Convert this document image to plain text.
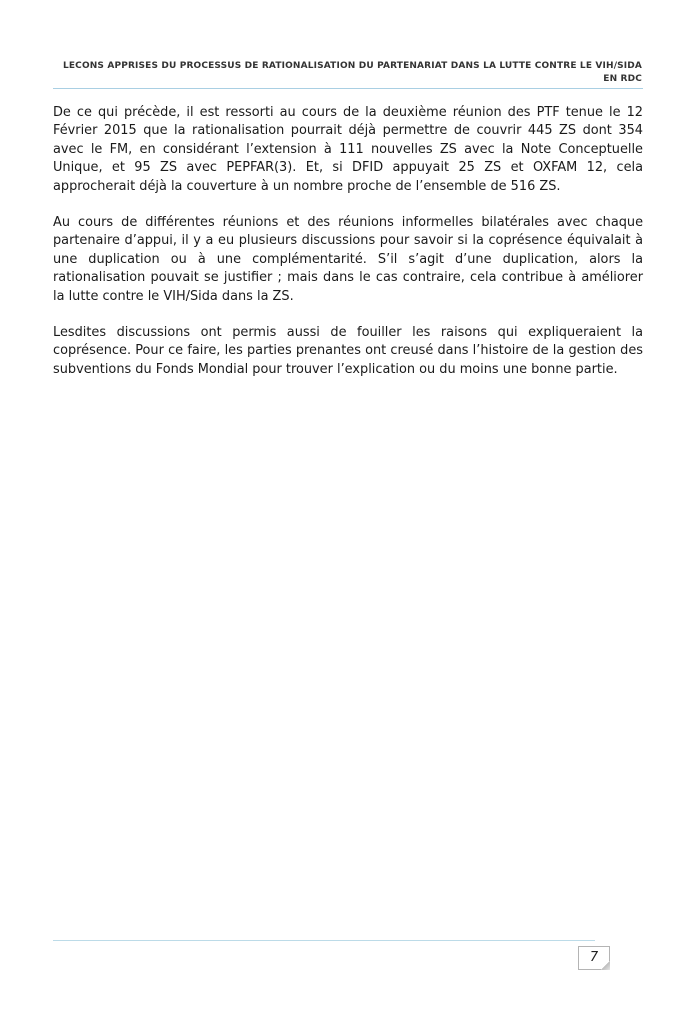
LECONS APPRISES DU PROCESSUS DE RATIONALISATION DU PARTENARIAT DANS LA LUTTE CONTRE LE VIH/SIDA
EN RDC

De ce qui précède, il est ressorti au cours de la deuxième réunion des PTF tenue le 12 Février 2015 que la rationalisation pourrait déjà permettre de couvrir 445 ZS dont 354 avec le FM, en considérant l’extension à 111 nouvelles ZS avec la Note Conceptuelle Unique, et 95 ZS avec PEPFAR(3). Et, si DFID appuyait 25 ZS et OXFAM 12, cela approcherait déjà la couverture à un nombre proche de l’ensemble de 516 ZS.

Au cours de différentes réunions et des réunions informelles bilatérales avec chaque partenaire d’appui, il y a eu plusieurs discussions pour savoir si la coprésence équivalait à une duplication ou à une complémentarité. S’il s’agit d’une duplication, alors la rationalisation pouvait se justifier ; mais dans le cas contraire, cela contribue à améliorer la lutte contre le VIH/Sida dans la ZS.

Lesdites discussions ont permis aussi de fouiller les raisons qui expliqueraient la coprésence. Pour ce faire, les parties prenantes ont creusé dans l’histoire de la gestion des subventions du Fonds Mondial pour trouver l’explication ou du moins une bonne partie.

7
